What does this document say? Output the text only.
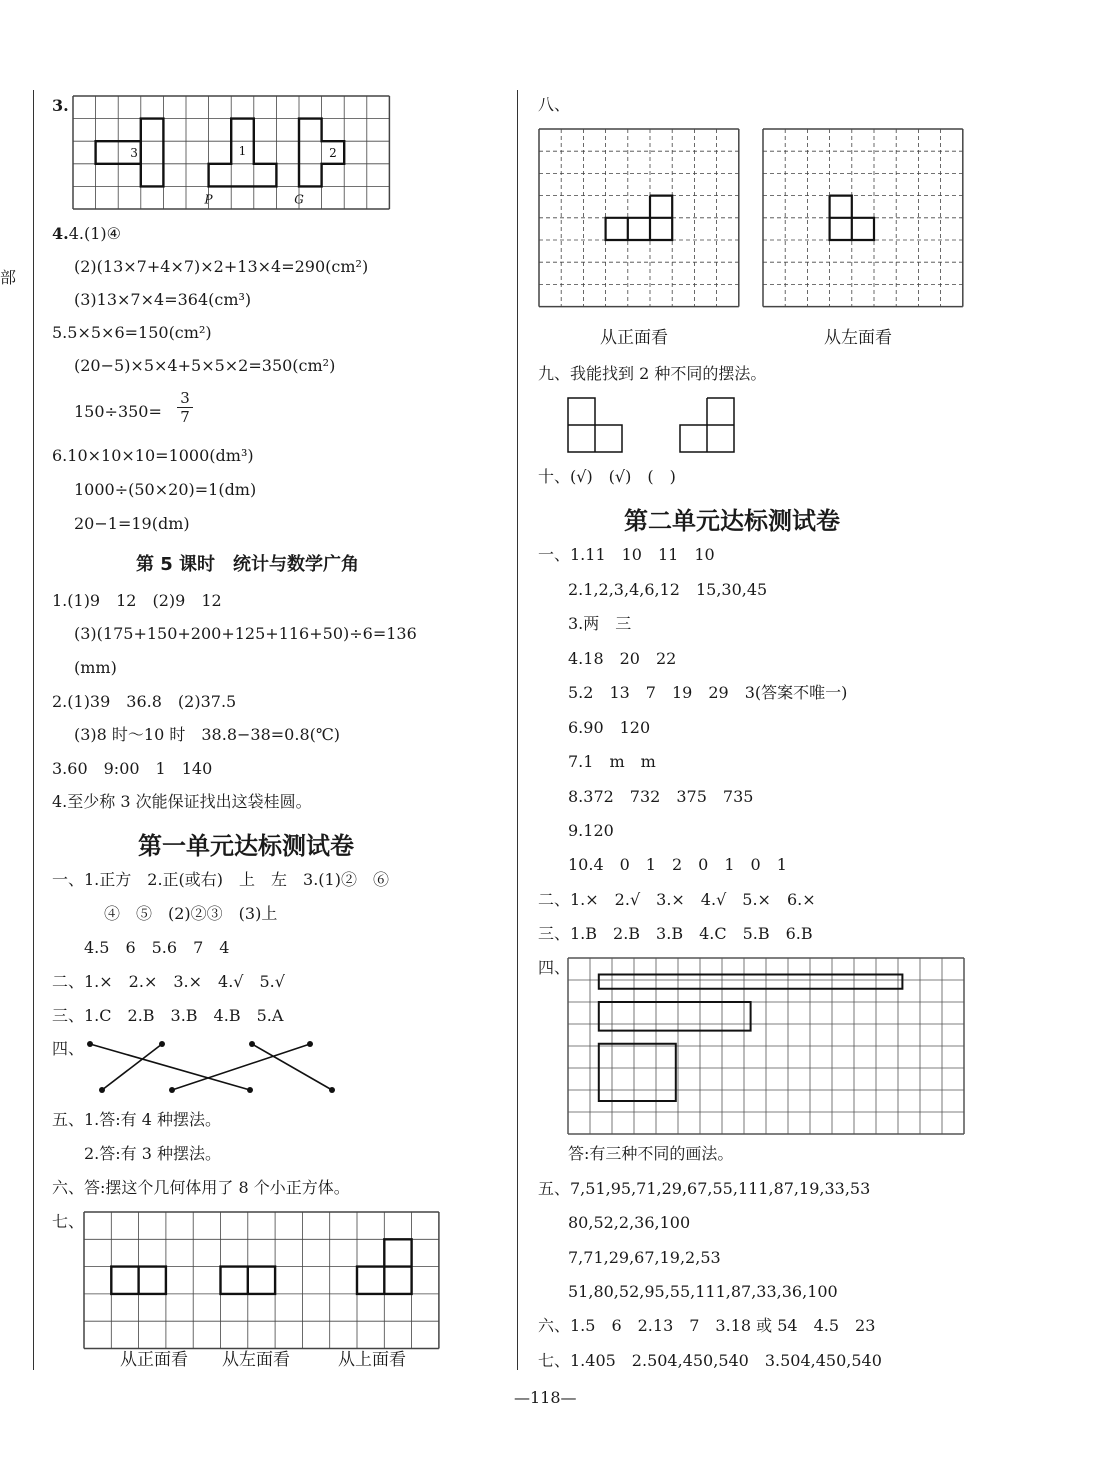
部
3.
3	1	2
P	G
4.4.(1)④
(2)(13×7+4×7)×2+13×4=290(cm²)
(3)13×7×4=364(cm³)
5.5×5×6=150(cm²)
(20−5)×5×4+5×5×2=350(cm²)
150÷350=
3
7
6.10×10×10=1000(dm³)
1000÷(50×20)=1(dm)
20−1=19(dm)
第 5 课时　统计与数学广角
1.(1)9　12　(2)9　12
(3)(175+150+200+125+116+50)÷6=136
(mm)
2.(1)39　36.8　(2)37.5
(3)8 时～10 时　38.8−38=0.8(℃)
3.60　9:00　1　140
4.至少称 3 次能保证找出这袋桂圆。
第一单元达标测试卷
一、1.正方　2.正(或右)　上　左　3.(1)②　⑥
④　⑤　(2)②③　(3)上
4.5　6　5.6　7　4
二、1.×　2.×　3.×　4.√　5.√
三、1.C　2.B　3.B　4.B　5.A
四、
五、1.答:有 4 种摆法。
2.答:有 3 种摆法。
六、答:摆这个几何体用了 8 个小正方体。
七、
从正面看 从左面看	从上面看
八、
从正面看	从左面看
九、我能找到 2 种不同的摆法。
十、(√)　(√)　(　)
第二单元达标测试卷
一、1.11　10　11　10
2.1,2,3,4,6,12　15,30,45
3.两　三
4.18　20　22
5.2　13　7　19　29　3(答案不唯一)
6.90　120
7.1　m　m
8.372　732　375　735
9.120
10.4　0　1　2　0　1　0　1
二、1.×　2.√　3.×　4.√　5.×　6.×
三、1.B　2.B　3.B　4.C　5.B　6.B
四、
答:有三种不同的画法。
五、7,51,95,71,29,67,55,111,87,19,33,53
80,52,2,36,100
7,71,29,67,19,2,53
51,80,52,95,55,111,87,33,36,100
六、1.5　6　2.13　7　3.18 或 54　4.5　23
七、1.405　2.504,450,540　3.504,450,540
—118—
